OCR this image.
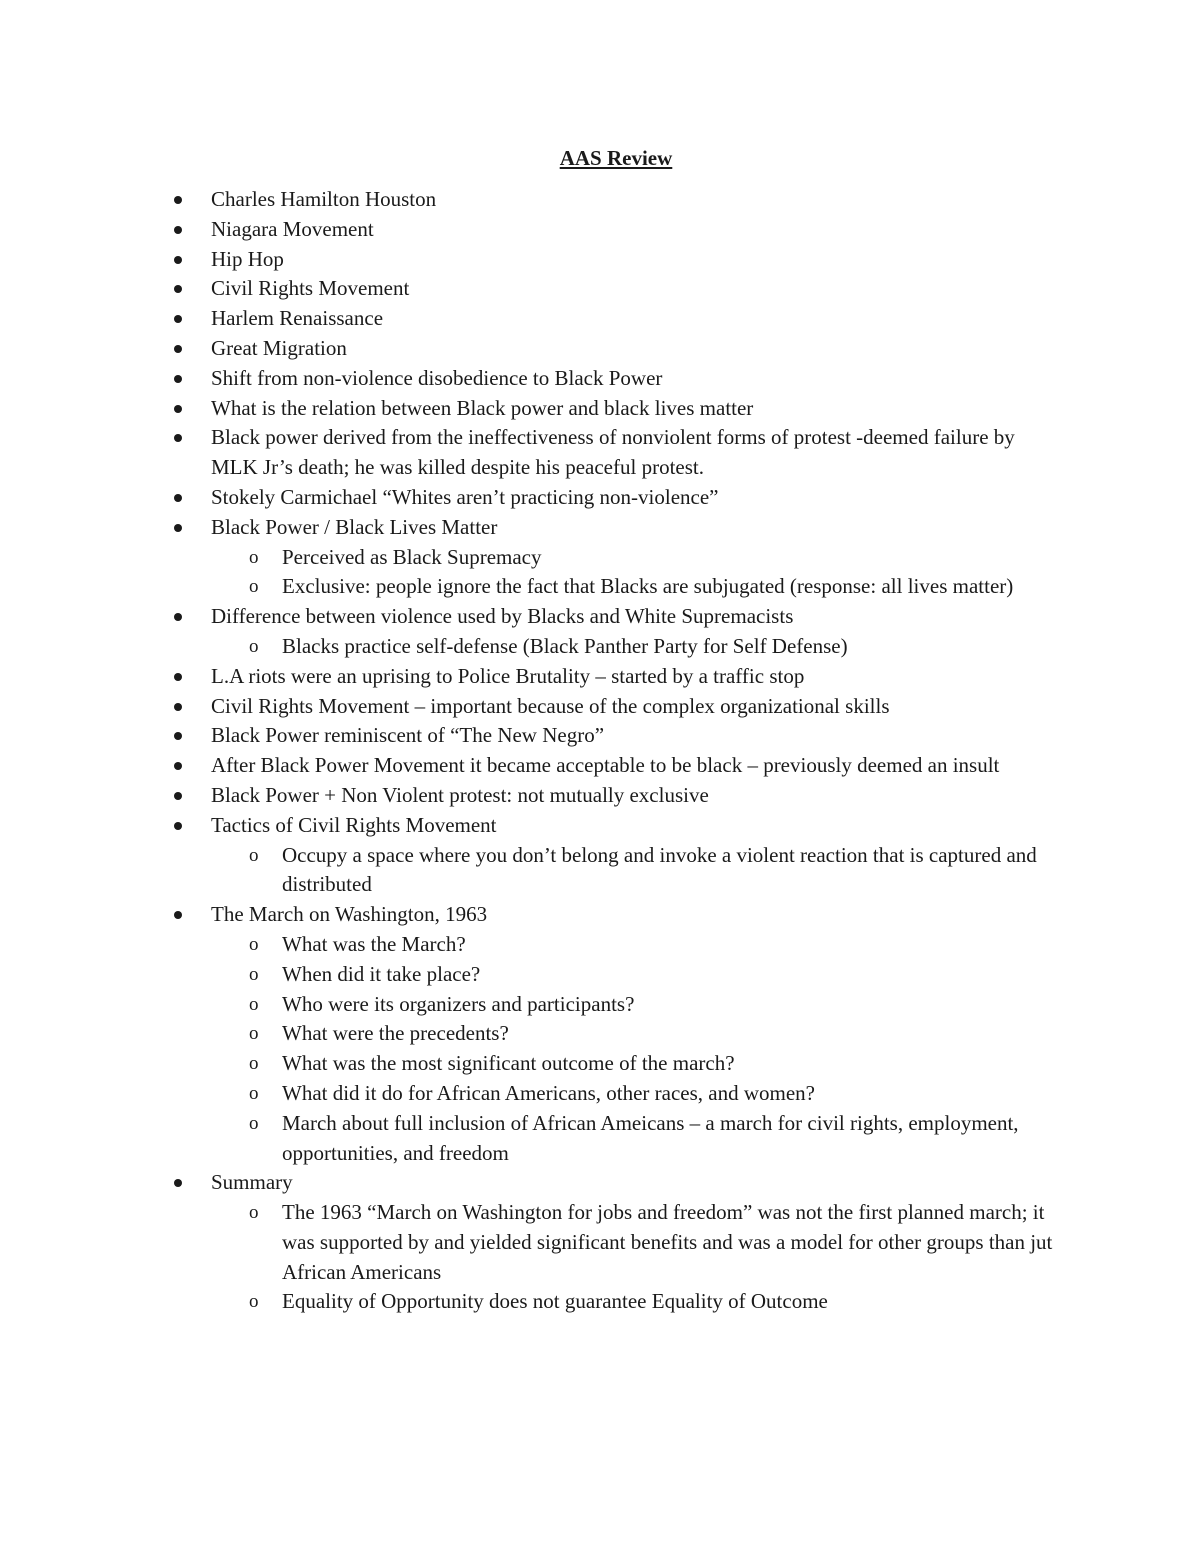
AAS Review
Charles Hamilton Houston
Niagara Movement
Hip Hop
Civil Rights Movement
Harlem Renaissance
Great Migration
Shift from non-violence disobedience to Black Power
What is the relation between Black power and black lives matter
Black power derived from the ineffectiveness of nonviolent forms of protest -deemed failure by MLK Jr’s death; he was killed despite his peaceful protest.
Stokely Carmichael “Whites aren’t practicing non-violence”
Black Power / Black Lives Matter
o Perceived as Black Supremacy
o Exclusive: people ignore the fact that Blacks are subjugated (response: all lives matter)
Difference between violence used by Blacks and White Supremacists
o Blacks practice self-defense (Black Panther Party for Self Defense)
L.A riots were an uprising to Police Brutality – started by a traffic stop
Civil Rights Movement – important because of the complex organizational skills
Black Power reminiscent of “The New Negro”
After Black Power Movement it became acceptable to be black – previously deemed an insult
Black Power + Non Violent protest: not mutually exclusive
Tactics of Civil Rights Movement
o Occupy a space where you don’t belong and invoke a violent reaction that is captured and distributed
The March on Washington, 1963
o What was the March?
o When did it take place?
o Who were its organizers and participants?
o What were the precedents?
o What was the most significant outcome of the march?
o What did it do for African Americans, other races, and women?
o March about full inclusion of African Ameicans – a march for civil rights, employment, opportunities, and freedom
Summary
o The 1963 “March on Washington for jobs and freedom” was not the first planned march; it was supported by and yielded significant benefits and was a model for other groups than jut African Americans
o Equality of Opportunity does not guarantee Equality of Outcome
